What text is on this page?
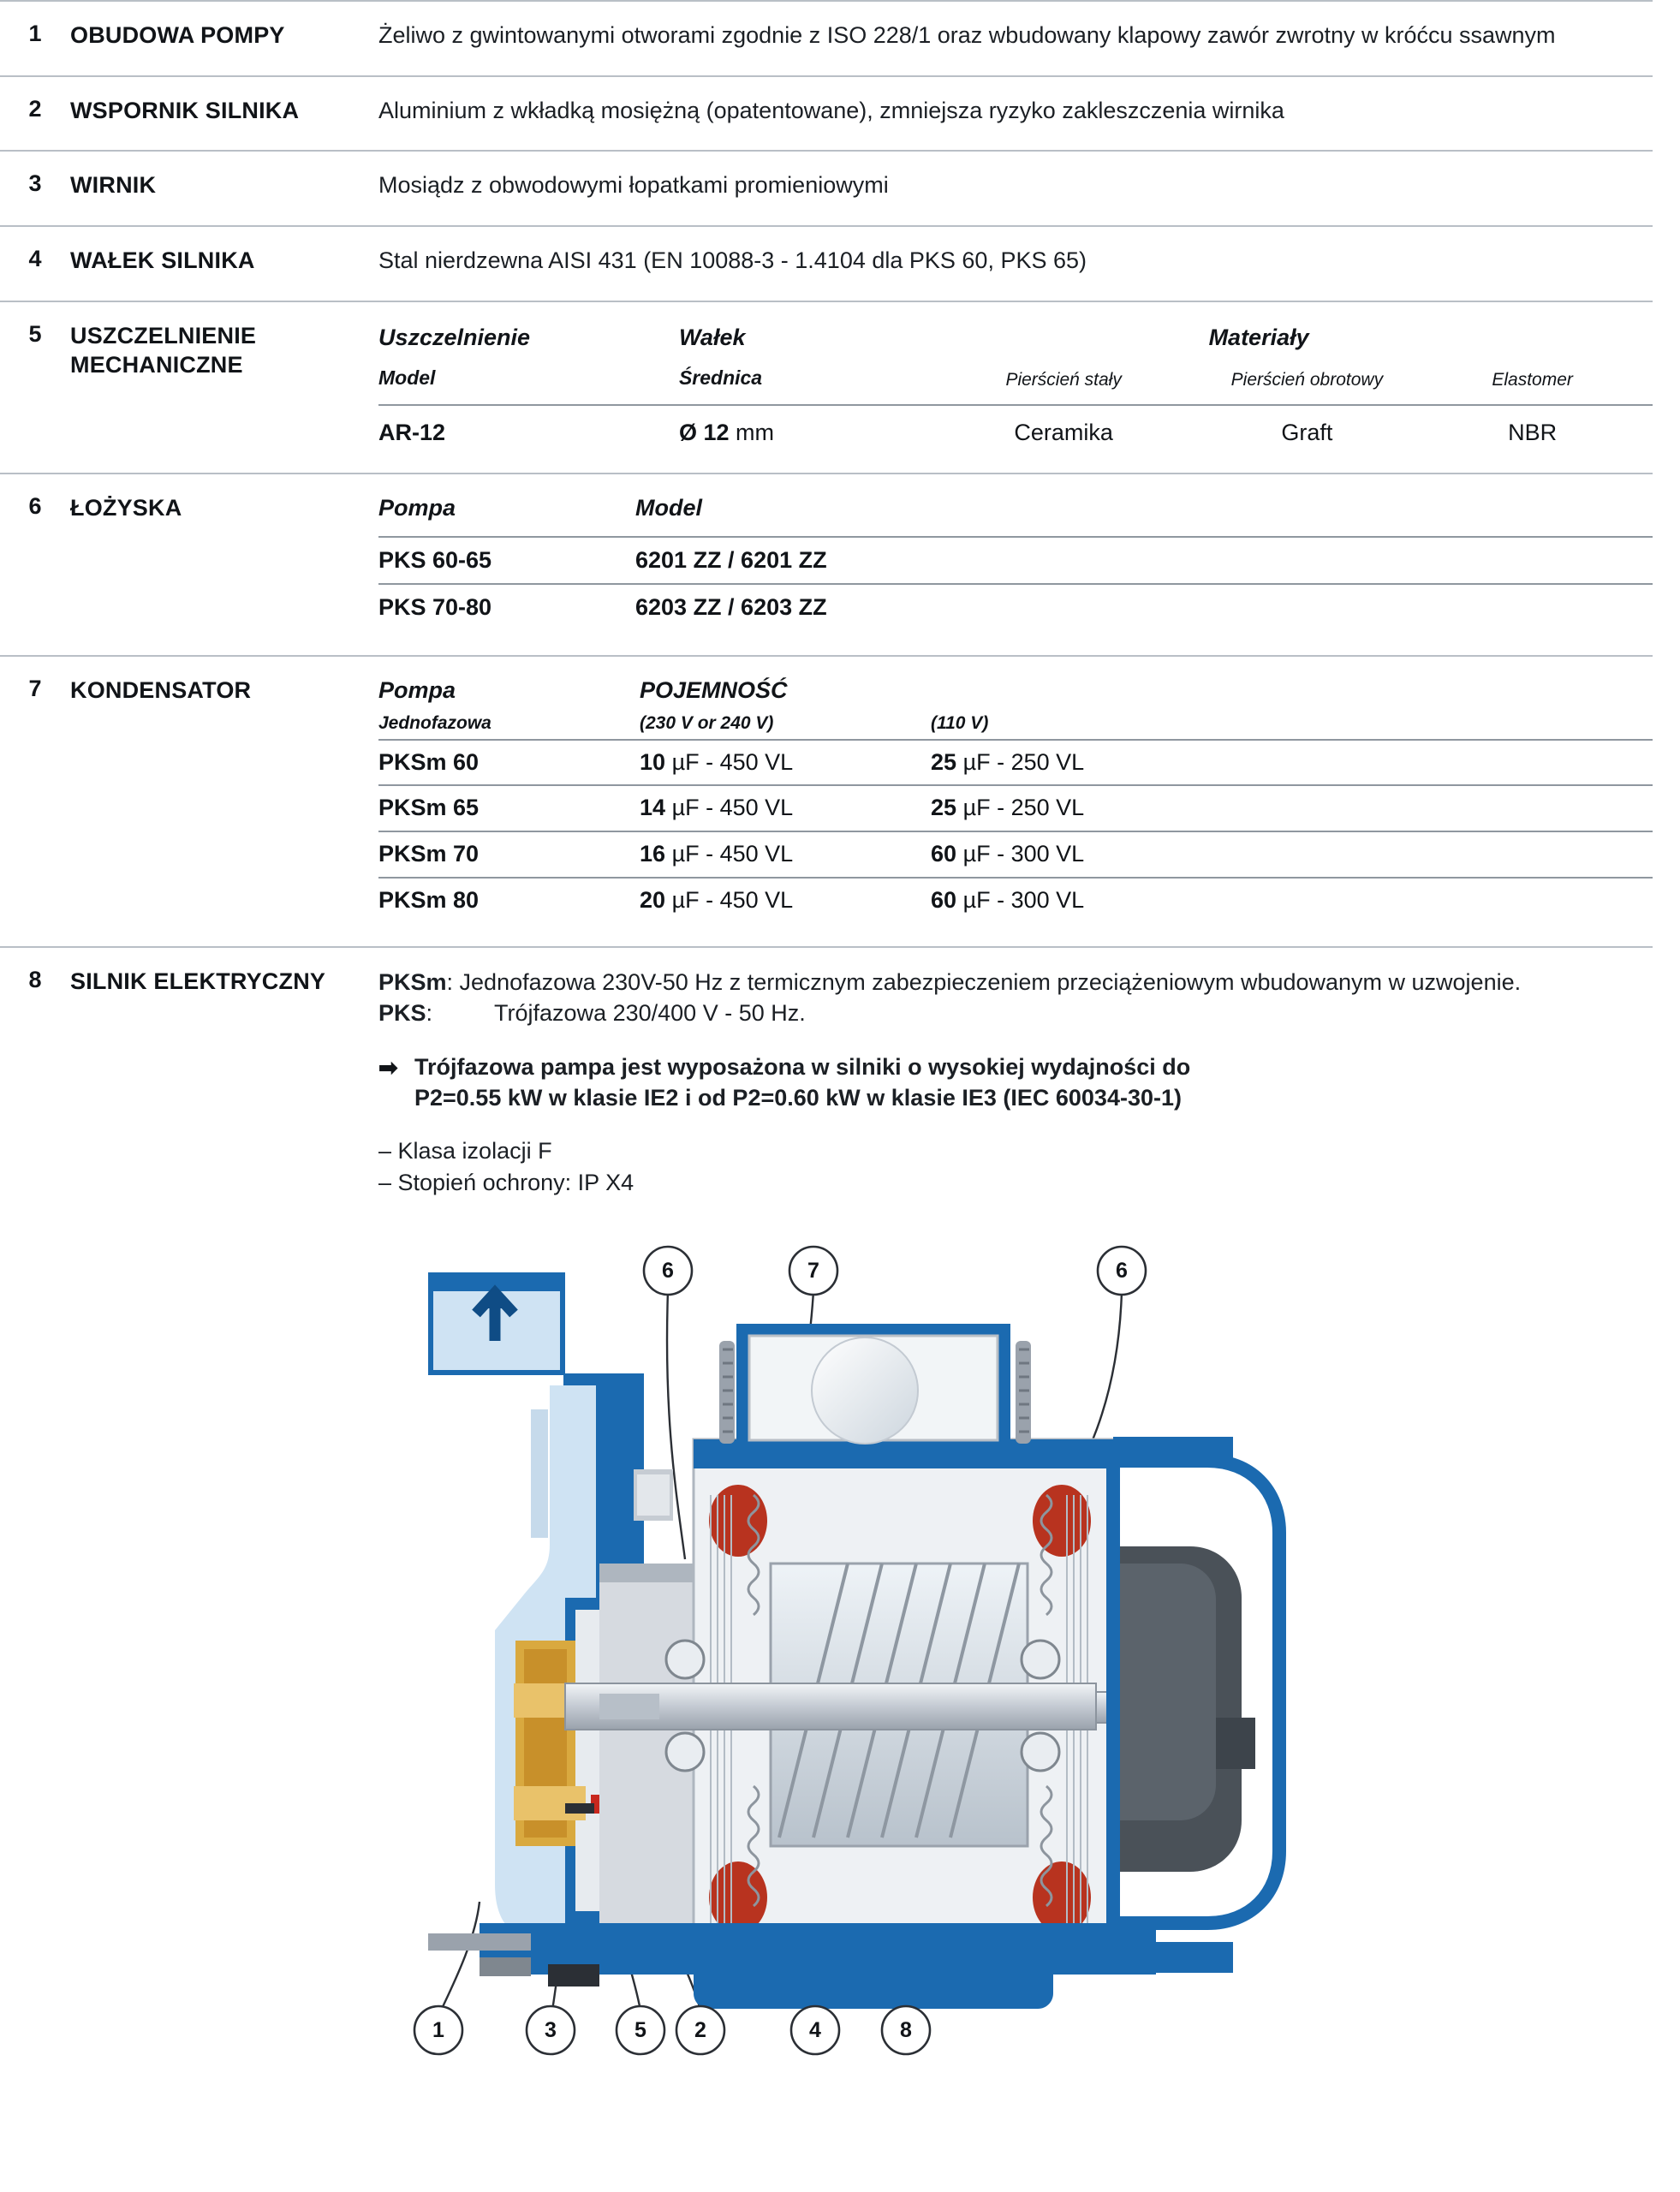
1	OBUDOWA POMPY	Żeliwo z gwintowanymi otworami zgodnie z ISO 228/1 oraz wbudowany klapowy zawór zwrotny w króćcu ssawnym

2	WSPORNIK SILNIKA	Aluminium z wkładką mosiężną (opatentowane), zmniejsza ryzyko zakleszczenia wirnika

3	WIRNIK	Mosiądz z obwodowymi łopatkami promieniowymi

4	WAŁEK SILNIKA	Stal nierdzewna AISI 431 (EN 10088-3 - 1.4104 dla PKS 60, PKS 65)

5	USZCZELNIENIE MECHANICZNE	
Uszczelnienie	Wałek		Materiały	
Model	Średnica	Pierścień stały	Pierścień obrotowy	Elastomer
AR-12	Ø 12 mm	Ceramika	Graft	NBR

6	ŁOŻYSKA		Pompa	Model
PKS 60-65	6201 ZZ / 6201 ZZ
PKS 70-80	6203 ZZ / 6203 ZZ

7	KONDENSATOR		Pompa	POJEMNOŚĆ	
Jednofazowa	(230 V or 240 V)	(110 V)
PKSm 60	10 µF - 450 VL	25 µF - 250 VL
PKSm 65	14 µF - 450 VL	25 µF - 250 VL
PKSm 70	16 µF - 450 VL	60 µF - 300 VL
PKSm 80	20 µF - 450 VL	60 µF - 300 VL

8	SILNIK ELEKTRYCZNY	PKSm: Jednofazowa 230V-50 Hz z termicznym zabezpieczeniem przeciążeniowym wbudowanym w uzwojenie.
PKS:	Trójfazowa 230/400 V - 50 Hz.
➡ Trójfazowa pampa jest wyposażona w silniki o wysokiej wydajności do
P2=0.55 kW w klasie IE2 i od P2=0.60 kW w klasie IE3 (IEC 60034-30-1)
– Klasa izolacji F
– Stopień ochrony: IP X4
6	7	6
1	3	5 2	4	8
